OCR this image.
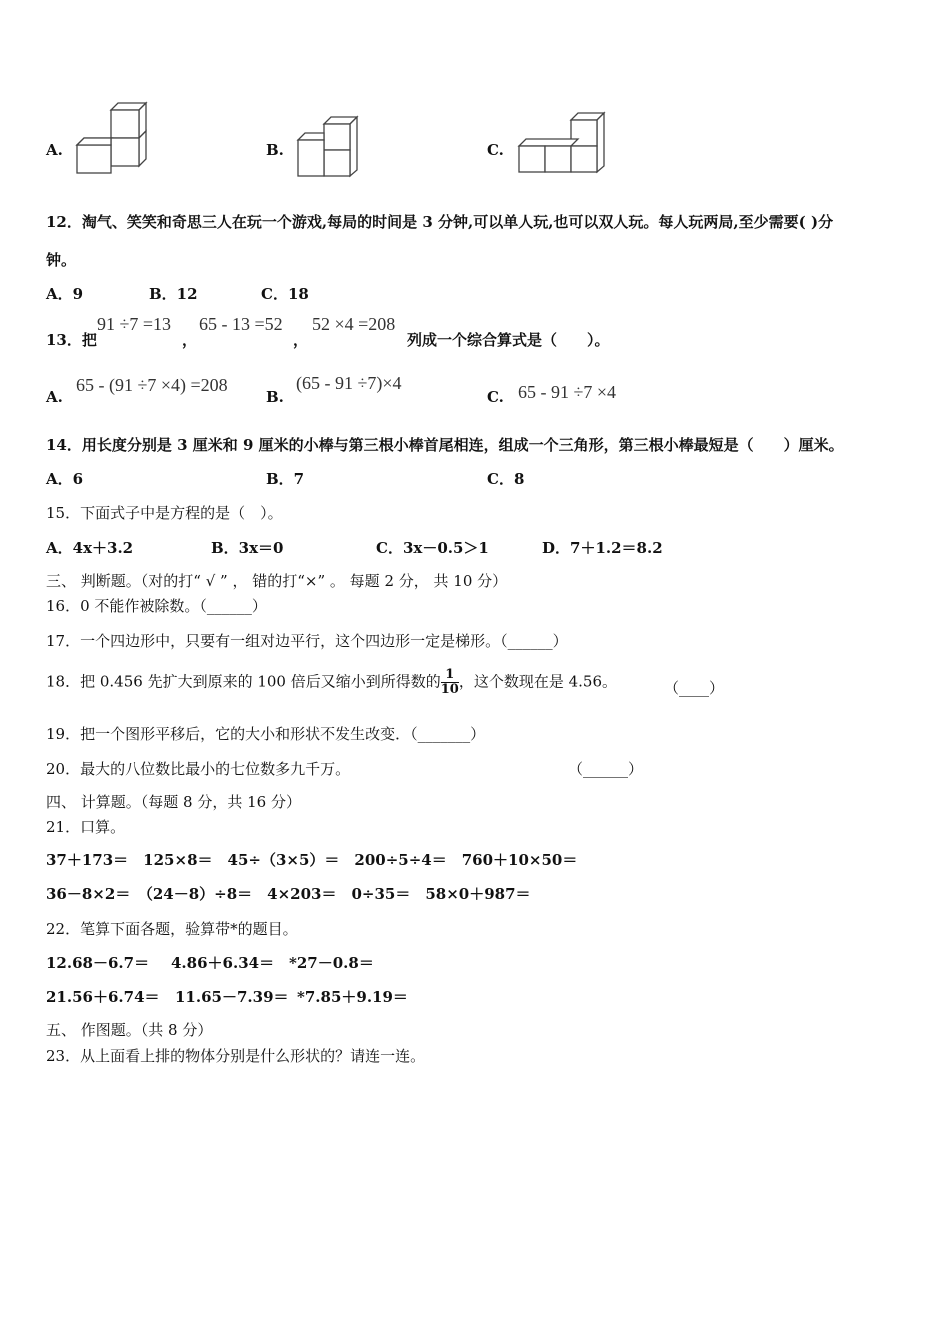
A.	B.	C.
12．淘气、笑笑和奇思三人在玩一个游戏,每局的时间是 3 分钟,可以单人玩,也可以双人玩。每人玩两局,至少需要( )分
钟。
A．9	B．12	C．18
13．把
91 ÷7 =13
，
65 - 13 =52
，
52 ×4 =208
列成一个综合算式是（　　）。
A.
65 - (91 ÷7 ×4) =208
B.
(65 - 91 ÷7)×4
C. 65 - 91 ÷7 ×4
14．用长度分别是 3 厘米和 9 厘米的小棒与第三根小棒首尾相连，组成一个三角形，第三根小棒最短是（　　）厘米。
A．6	B．7	C．8
15．下面式子中是方程的是（　）。
A．4x＋3.2	B．3x＝0	C．3x－0.5＞1	D．7＋1.2＝8.2
三、 判断题。（对的打“ √ ” ， 错的打“×” 。 每题 2 分， 共 10 分）
16．0 不能作被除数。（______）
17．一个四边形中，只要有一组对边平行，这个四边形一定是梯形。（______）
18．把 0.456 先扩大到原来的 100 倍后又缩小到所得数的 $\frac{1}{10}$ ，这个数现在是 4.56。	（____）
19．把一个图形平移后，它的大小和形状不发生改变．（_______）
20．最大的八位数比最小的七位数多九千万。	（______）
四、 计算题。（每题 8 分，共 16 分）
21．口算。
37＋173＝　125×8＝　45÷（3×5）＝　200÷5÷4＝　760＋10×50＝
36－8×2＝　（24－8）÷8＝　4×203＝　0÷35＝　58×0＋987＝
22．笔算下面各题，验算带*的题目。
12.68－6.7＝ 4.86＋6.34＝ *27－0.8＝
21.56＋6.74＝ 11.65－7.39＝ *7.85＋9.19＝
五、 作图题。（共 8 分）
23．从上面看上排的物体分别是什么形状的？请连一连。
